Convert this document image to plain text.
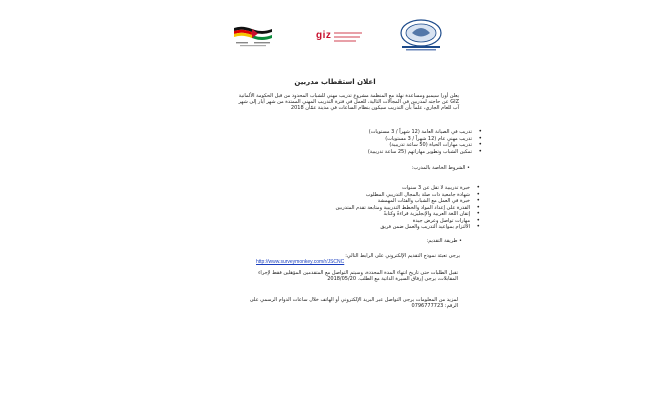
giz
اعلان استقطاب مدربين
يعلن أورا سيمبو ومساعدة نهلة مع المنظمة مشروع تدريب مهني للشباب المحدود من قبل الحكومة الألمانية GIZ عن حاجته لمدربين في المجالات التالية، للعمل في فترة التدريب المهني الممتدة من شهر أيار إلى شهر آب للعام الجاري، علماً بأن التدريب سيكون بنظام الساعات في مدينة عمّان 2018
• تدريب في الصيانة العامة (12 شهراً / 3 مستويات)
• تدريب مهني عام (12 شهراً / 3 مستويات)
• تدريب مهارات الحياة (50 ساعة تدريبية)
• تمكين الشباب وتطوير مهاراتهم (25 ساعة تدريبية)
• الشروط الخاصة بالمدرب:
• خبرة تدريبية لا تقل عن 3 سنوات
• شهادة جامعية ذات صلة بالمجال التدريبي المطلوب
• خبرة في العمل مع الشباب والفئات المهمشة
• القدرة على إعداد المواد والخطط التدريبية ومتابعة تقدم المتدربين
• إتقان اللغة العربية والإنجليزية قراءةً وكتابةً
• مهارات تواصل وعرض جيدة
• الالتزام بمواعيد التدريب والعمل ضمن فريق
• طريقة التقديم:
يرجى تعبئة نموذج التقديم الإلكتروني على الرابط التالي:
http://www.surveymonkey.com/r/JSCNC
تقبل الطلبات حتى تاريخ انتهاء المدة المحددة، وسيتم التواصل مع المتقدمين المؤهلين فقط لإجراء المقابلات، يرجى إرفاق السيرة الذاتية مع الطلب. 2018/05/20
لمزيد من المعلومات يرجى التواصل عبر البريد الإلكتروني أو الهاتف خلال ساعات الدوام الرسمي على الرقم: 0796777723
